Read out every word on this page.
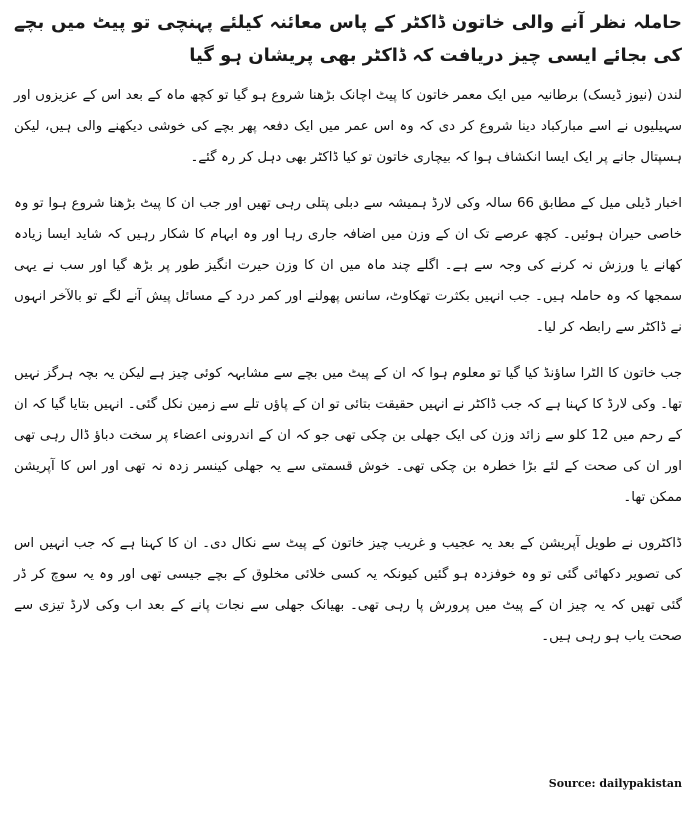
حاملہ نظر آنے والی خاتون ڈاکٹر کے پاس معائنہ کیلئے پہنچی تو پیٹ میں بچے کی بجائے ایسی چیز دریافت کہ ڈاکٹر بھی پریشان ہو گیا

لندن (نیوز ڈیسک) برطانیہ میں ایک معمر خاتون کا پیٹ اچانک بڑھنا شروع ہو گیا تو کچھ ماہ کے بعد اس کے عزیزوں اور سہیلیوں نے اسے مبارکباد دینا شروع کر دی کہ وہ اس عمر میں ایک دفعہ پھر بچے کی خوشی دیکھنے والی ہیں، لیکن ہسپتال جانے پر ایک ایسا انکشاف ہوا کہ بیچاری خاتون تو کیا ڈاکٹر بھی دہل کر رہ گئے۔

اخبار ڈیلی میل کے مطابق 66 سالہ وکی لارڈ ہمیشہ سے دبلی پتلی رہی تھیں اور جب ان کا پیٹ بڑھنا شروع ہوا تو وہ خاصی حیران ہوئیں۔ کچھ عرصے تک ان کے وزن میں اضافہ جاری رہا اور وہ ابہام کا شکار رہیں کہ شاید ایسا زیادہ کھانے یا ورزش نہ کرنے کی وجہ سے ہے۔ اگلے چند ماہ میں ان کا وزن حیرت انگیز طور پر بڑھ گیا اور سب نے یہی سمجھا کہ وہ حاملہ ہیں۔ جب انہیں بکثرت تھکاوٹ، سانس پھولنے اور کمر درد کے مسائل پیش آنے لگے تو بالآخر انہوں نے ڈاکٹر سے رابطہ کر لیا۔

جب خاتون کا الٹرا ساؤنڈ کیا گیا تو معلوم ہوا کہ ان کے پیٹ میں بچے سے مشابہہ کوئی چیز ہے لیکن یہ بچہ ہرگز نہیں تھا۔ وکی لارڈ کا کہنا ہے کہ جب ڈاکٹر نے انہیں حقیقت بتائی تو ان کے پاؤں تلے سے زمین نکل گئی۔ انہیں بتایا گیا کہ ان کے رحم میں 12 کلو سے زائد وزن کی ایک جھلی بن چکی تھی جو کہ ان کے اندرونی اعضاء پر سخت دباؤ ڈال رہی تھی اور ان کی صحت کے لئے بڑا خطرہ بن چکی تھی۔ خوش قسمتی سے یہ جھلی کینسر زدہ نہ تھی اور اس کا آپریشن ممکن تھا۔

ڈاکٹروں نے طویل آپریشن کے بعد یہ عجیب و غریب چیز خاتون کے پیٹ سے نکال دی۔ ان کا کہنا ہے کہ جب انہیں اس کی تصویر دکھائی گئی تو وہ خوفزدہ ہو گئیں کیونکہ یہ کسی خلائی مخلوق کے بچے جیسی تھی اور وہ یہ سوچ کر ڈر گئی تھیں کہ یہ چیز ان کے پیٹ میں پرورش پا رہی تھی۔ بھیانک جھلی سے نجات پانے کے بعد اب وکی لارڈ تیزی سے صحت یاب ہو رہی ہیں۔

Source: dailypakistan
